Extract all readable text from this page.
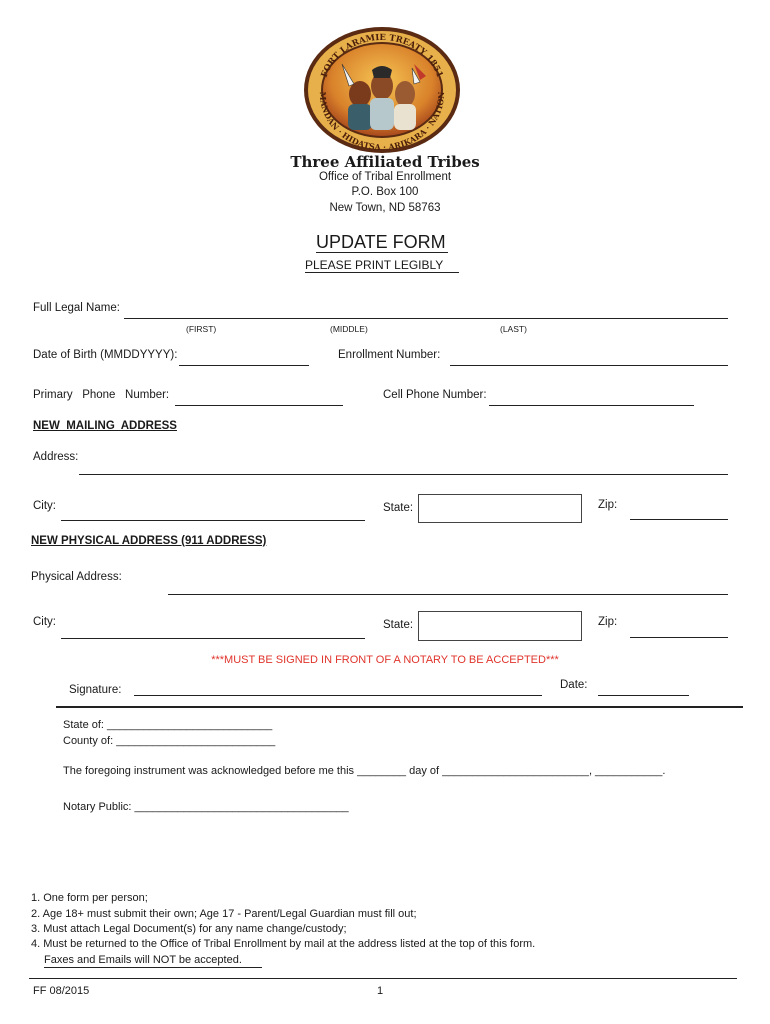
FORT LARAMIE TREATY 1851
MANDAN · HIDATSA · ARIKARA · NATION
Three Affiliated Tribes
Office of Tribal Enrollment
P.O. Box 100
New Town, ND 58763
UPDATE FORM
PLEASE PRINT LEGIBLY
Full Legal Name:
(FIRST)	(MIDDLE)	(LAST)
Date of Birth (MMDDYYYY):	Enrollment Number:
Primary   Phone   Number:	Cell Phone Number:
NEW  MAILING  ADDRESS
Address:
City:	State:	Zip:
NEW PHYSICAL ADDRESS (911 ADDRESS)
Physical Address:
City:	State:	Zip:
***MUST BE SIGNED IN FRONT OF A NOTARY TO BE ACCEPTED***
Signature:	Date:
State of: ___________________________
County of: __________________________
The foregoing instrument was acknowledged before me this ________ day of ________________________, ___________.
Notary Public: ___________________________________
1. One form per person;
2. Age 18+ must submit their own; Age 17 - Parent/Legal Guardian must fill out;
3. Must attach Legal Document(s) for any name change/custody;
4. Must be returned to the Office of Tribal Enrollment by mail at the address listed at the top of this form.
Faxes and Emails will NOT be accepted.
FF 08/2015	1
